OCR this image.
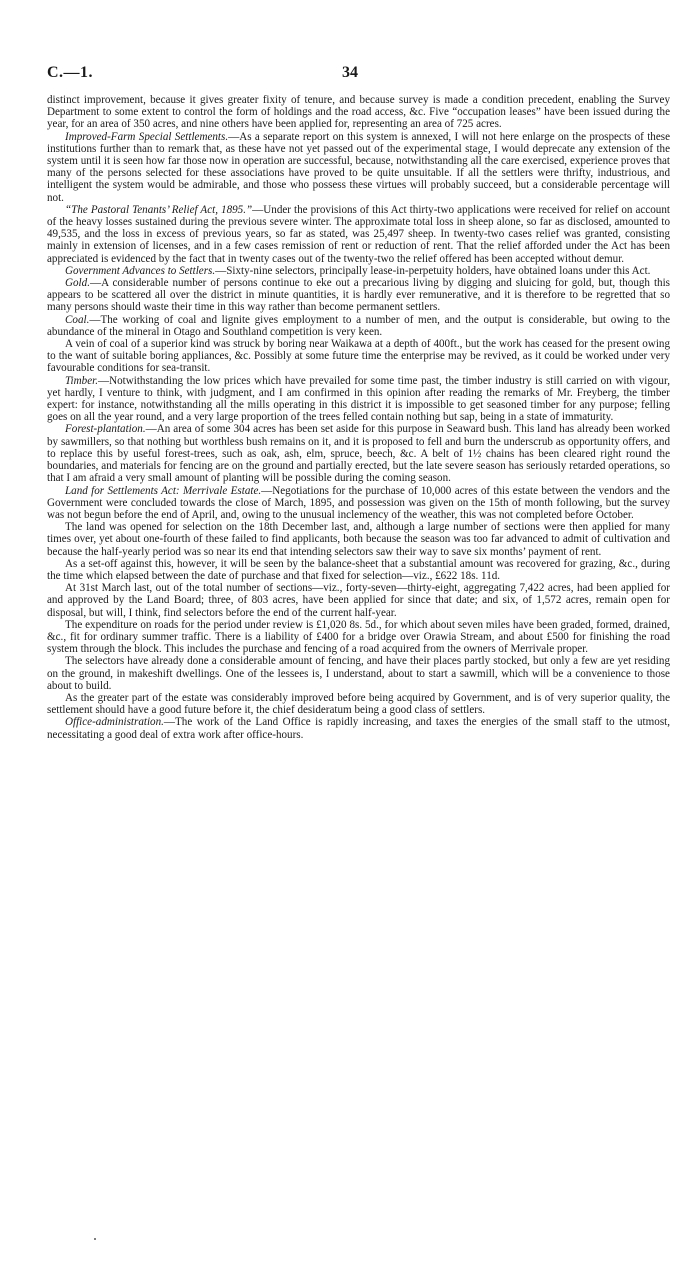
C.—1.	34

distinct improvement, because it gives greater fixity of tenure, and because survey is made a condition precedent, enabling the Survey Department to some extent to control the form of holdings and the road access, &c. Five “occupation leases” have been issued during the year, for an area of 350 acres, and nine others have been applied for, representing an area of 725 acres.

Improved-Farm Special Settlements.—As a separate report on this system is annexed, I will not here enlarge on the prospects of these institutions further than to remark that, as these have not yet passed out of the experimental stage, I would deprecate any extension of the system until it is seen how far those now in operation are successful, because, notwithstanding all the care exercised, experience proves that many of the persons selected for these associations have proved to be quite unsuitable. If all the settlers were thrifty, industrious, and intelligent the system would be admirable, and those who possess these virtues will probably succeed, but a considerable percentage will not.

“The Pastoral Tenants’ Relief Act, 1895.”—Under the provisions of this Act thirty-two applications were received for relief on account of the heavy losses sustained during the previous severe winter. The approximate total loss in sheep alone, so far as disclosed, amounted to 49,535, and the loss in excess of previous years, so far as stated, was 25,497 sheep. In twenty-two cases relief was granted, consisting mainly in extension of licenses, and in a few cases remission of rent or reduction of rent. That the relief afforded under the Act has been appreciated is evidenced by the fact that in twenty cases out of the twenty-two the relief offered has been accepted without demur.

Government Advances to Settlers.—Sixty-nine selectors, principally lease-in-perpetuity holders, have obtained loans under this Act.

Gold.—A considerable number of persons continue to eke out a precarious living by digging and sluicing for gold, but, though this appears to be scattered all over the district in minute quantities, it is hardly ever remunerative, and it is therefore to be regretted that so many persons should waste their time in this way rather than become permanent settlers.

Coal.—The working of coal and lignite gives employment to a number of men, and the output is considerable, but owing to the abundance of the mineral in Otago and Southland competition is very keen.

A vein of coal of a superior kind was struck by boring near Waikawa at a depth of 400ft., but the work has ceased for the present owing to the want of suitable boring appliances, &c. Possibly at some future time the enterprise may be revived, as it could be worked under very favourable conditions for sea-transit.

Timber.—Notwithstanding the low prices which have prevailed for some time past, the timber industry is still carried on with vigour, yet hardly, I venture to think, with judgment, and I am confirmed in this opinion after reading the remarks of Mr. Freyberg, the timber expert: for instance, notwithstanding all the mills operating in this district it is impossible to get seasoned timber for any purpose; felling goes on all the year round, and a very large proportion of the trees felled contain nothing but sap, being in a state of immaturity.

Forest-plantation.—An area of some 304 acres has been set aside for this purpose in Seaward bush. This land has already been worked by sawmillers, so that nothing but worthless bush remains on it, and it is proposed to fell and burn the underscrub as opportunity offers, and to replace this by useful forest-trees, such as oak, ash, elm, spruce, beech, &c. A belt of 1½ chains has been cleared right round the boundaries, and materials for fencing are on the ground and partially erected, but the late severe season has seriously retarded operations, so that I am afraid a very small amount of planting will be possible during the coming season.

Land for Settlements Act: Merrivale Estate.—Negotiations for the purchase of 10,000 acres of this estate between the vendors and the Government were concluded towards the close of March, 1895, and possession was given on the 15th of month following, but the survey was not begun before the end of April, and, owing to the unusual inclemency of the weather, this was not completed before October.

The land was opened for selection on the 18th December last, and, although a large number of sections were then applied for many times over, yet about one-fourth of these failed to find applicants, both because the season was too far advanced to admit of cultivation and because the half-yearly period was so near its end that intending selectors saw their way to save six months’ payment of rent.

As a set-off against this, however, it will be seen by the balance-sheet that a substantial amount was recovered for grazing, &c., during the time which elapsed between the date of purchase and that fixed for selection—viz., £622 18s. 11d.

At 31st March last, out of the total number of sections—viz., forty-seven—thirty-eight, aggregating 7,422 acres, had been applied for and approved by the Land Board; three, of 803 acres, have been applied for since that date; and six, of 1,572 acres, remain open for disposal, but will, I think, find selectors before the end of the current half-year.

The expenditure on roads for the period under review is £1,020 8s. 5d., for which about seven miles have been graded, formed, drained, &c., fit for ordinary summer traffic. There is a liability of £400 for a bridge over Orawia Stream, and about £500 for finishing the road system through the block. This includes the purchase and fencing of a road acquired from the owners of Merrivale proper.

The selectors have already done a considerable amount of fencing, and have their places partly stocked, but only a few are yet residing on the ground, in makeshift dwellings. One of the lessees is, I understand, about to start a sawmill, which will be a convenience to those about to build.

As the greater part of the estate was considerably improved before being acquired by Government, and is of very superior quality, the settlement should have a good future before it, the chief desideratum being a good class of settlers.

Office-administration.—The work of the Land Office is rapidly increasing, and taxes the energies of the small staff to the utmost, necessitating a good deal of extra work after office-hours.
